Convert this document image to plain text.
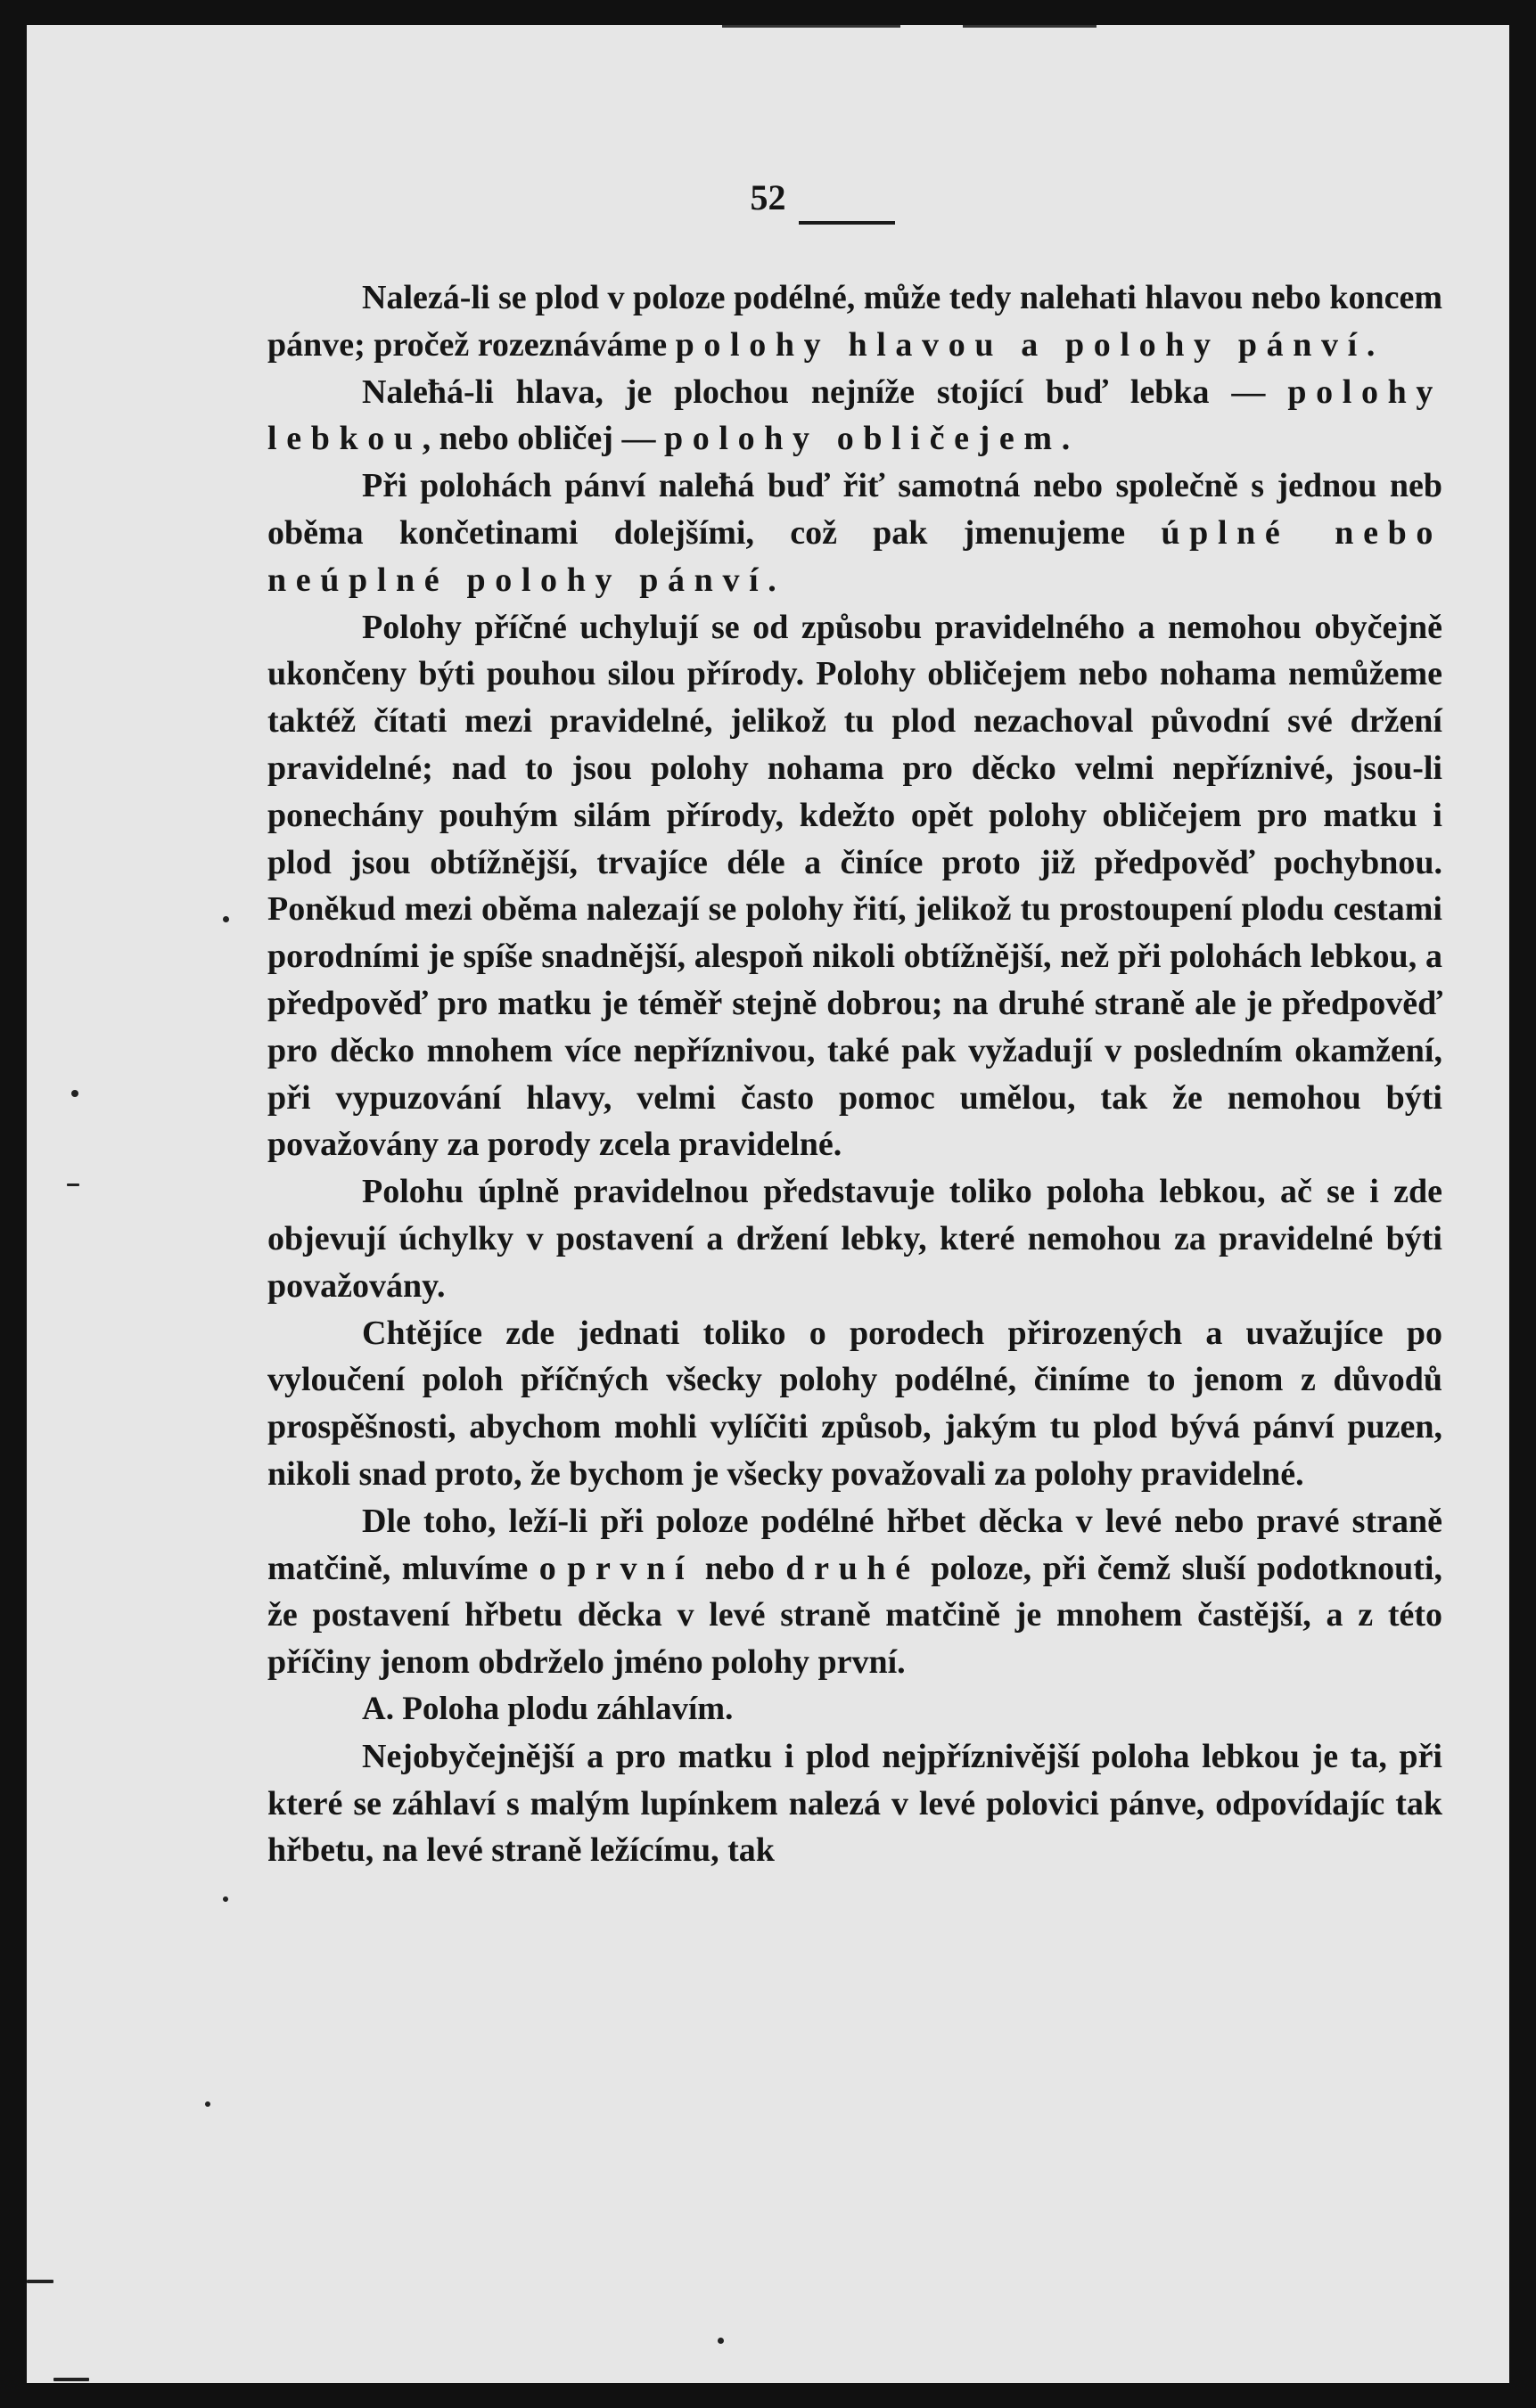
52

Nalezá-li se plod v poloze podélné, může tedy nalehati hlavou nebo koncem pánve; pročež rozeznáváme polohy hlavou a polohy pánví.

Naleħá-li hlava, je plochou nejníže stojící buď lebka — polohy lebkou, nebo obličej — polohy obličejem.

Při polohách pánví naleħá buď řiť samotná nebo společně s jednou neb oběma končetinami dolejšími, což pak jmenujeme úplné nebo neúplné polohy pánví.

Polohy příčné uchylují se od způsobu pravidelného a nemohou obyčejně ukončeny býti pouhou silou přírody. Polohy obličejem nebo nohama nemůžeme taktéž čítati mezi pravidelné, jelikož tu plod nezachoval původní své držení pravidelné; nad to jsou polohy nohama pro děcko velmi nepříznivé, jsou-li ponechány pouhým silám přírody, kdežto opět polohy obličejem pro matku i plod jsou obtížnější, trvajíce déle a činíce proto již předpověď pochybnou. Poněkud mezi oběma nalezají se polohy řití, jelikož tu prostoupení plodu cestami porodními je spíše snadnější, alespoň nikoli obtížnější, než při polohách lebkou, a předpověď pro matku je téměř stejně dobrou; na druhé straně ale je předpověď pro děcko mnohem více nepříznivou, také pak vyžadují v posledním okamžení, při vypuzování hlavy, velmi často pomoc umělou, tak že nemohou býti považovány za porody zcela pravidelné.

Polohu úplně pravidelnou představuje toliko poloha lebkou, ač se i zde objevují úchylky v postavení a držení lebky, které nemohou za pravidelné býti považovány.

Chtějíce zde jednati toliko o porodech přirozených a uvažujíce po vyloučení poloh příčných všecky polohy podélné, činíme to jenom z důvodů prospěšnosti, abychom mohli vylíčiti způsob, jakým tu plod bývá pánví puzen, nikoli snad proto, že bychom je všecky považovali za polohy pravidelné.

Dle toho, leží-li při poloze podélné hřbet děcka v levé nebo pravé straně matčině, mluvíme o první nebo druhé poloze, při čemž sluší podotknouti, že postavení hřbetu děcka v levé straně matčině je mnohem častější, a z této příčiny jenom obdrželo jméno polohy první.

A. Poloha plodu záhlavím.

Nejobyčejnější a pro matku i plod nejpříznivější poloha lebkou je ta, při které se záhlaví s malým lupínkem nalezá v levé polovici pánve, odpovídajíc tak hřbetu, na levé straně ležícímu, tak
